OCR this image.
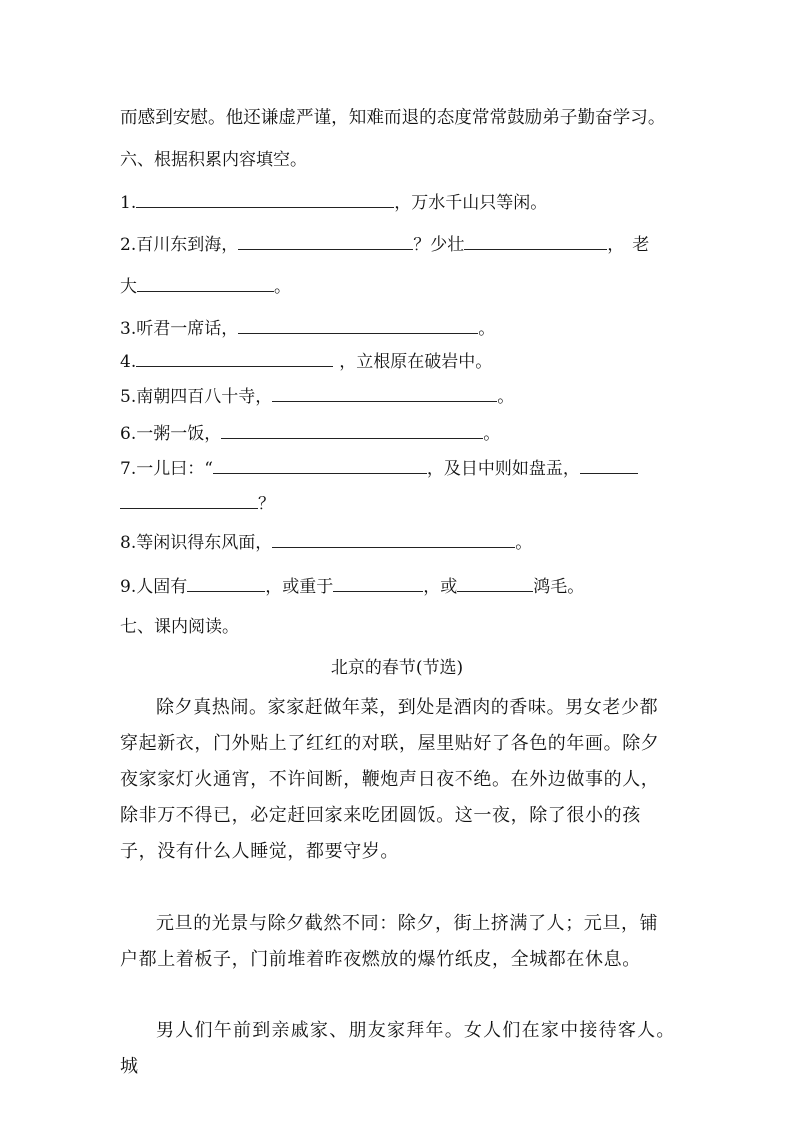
而感到安慰。他还谦虚严谨，知难而退的态度常常鼓励弟子勤奋学习。
六、根据积累内容填空。
1.	，万水千山只等闲。
2.百川东到海，	？少壮	，老
大	。
3.听君一席话，	。
4.	，立根原在破岩中。
5.南朝四百八十寺，	。
6.一粥一饭，	。
7.一儿曰：“	，及日中则如盘盂，
？
8.等闲识得东风面，	。
9.人固有	，或重于	，或	鸿毛。
七、课内阅读。
北京的春节(节选)
除夕真热闹。家家赶做年菜，到处是酒肉的香味。男女老少都穿起新衣，门外贴上了红红的对联，屋里贴好了各色的年画。除夕夜家家灯火通宵，不许间断，鞭炮声日夜不绝。在外边做事的人，除非万不得已，必定赶回家来吃团圆饭。这一夜，除了很小的孩子，没有什么人睡觉，都要守岁。
元旦的光景与除夕截然不同：除夕，街上挤满了人；元旦，铺户都上着板子，门前堆着昨夜燃放的爆竹纸皮，全城都在休息。
男人们午前到亲戚家、朋友家拜年。女人们在家中接待客人。城
